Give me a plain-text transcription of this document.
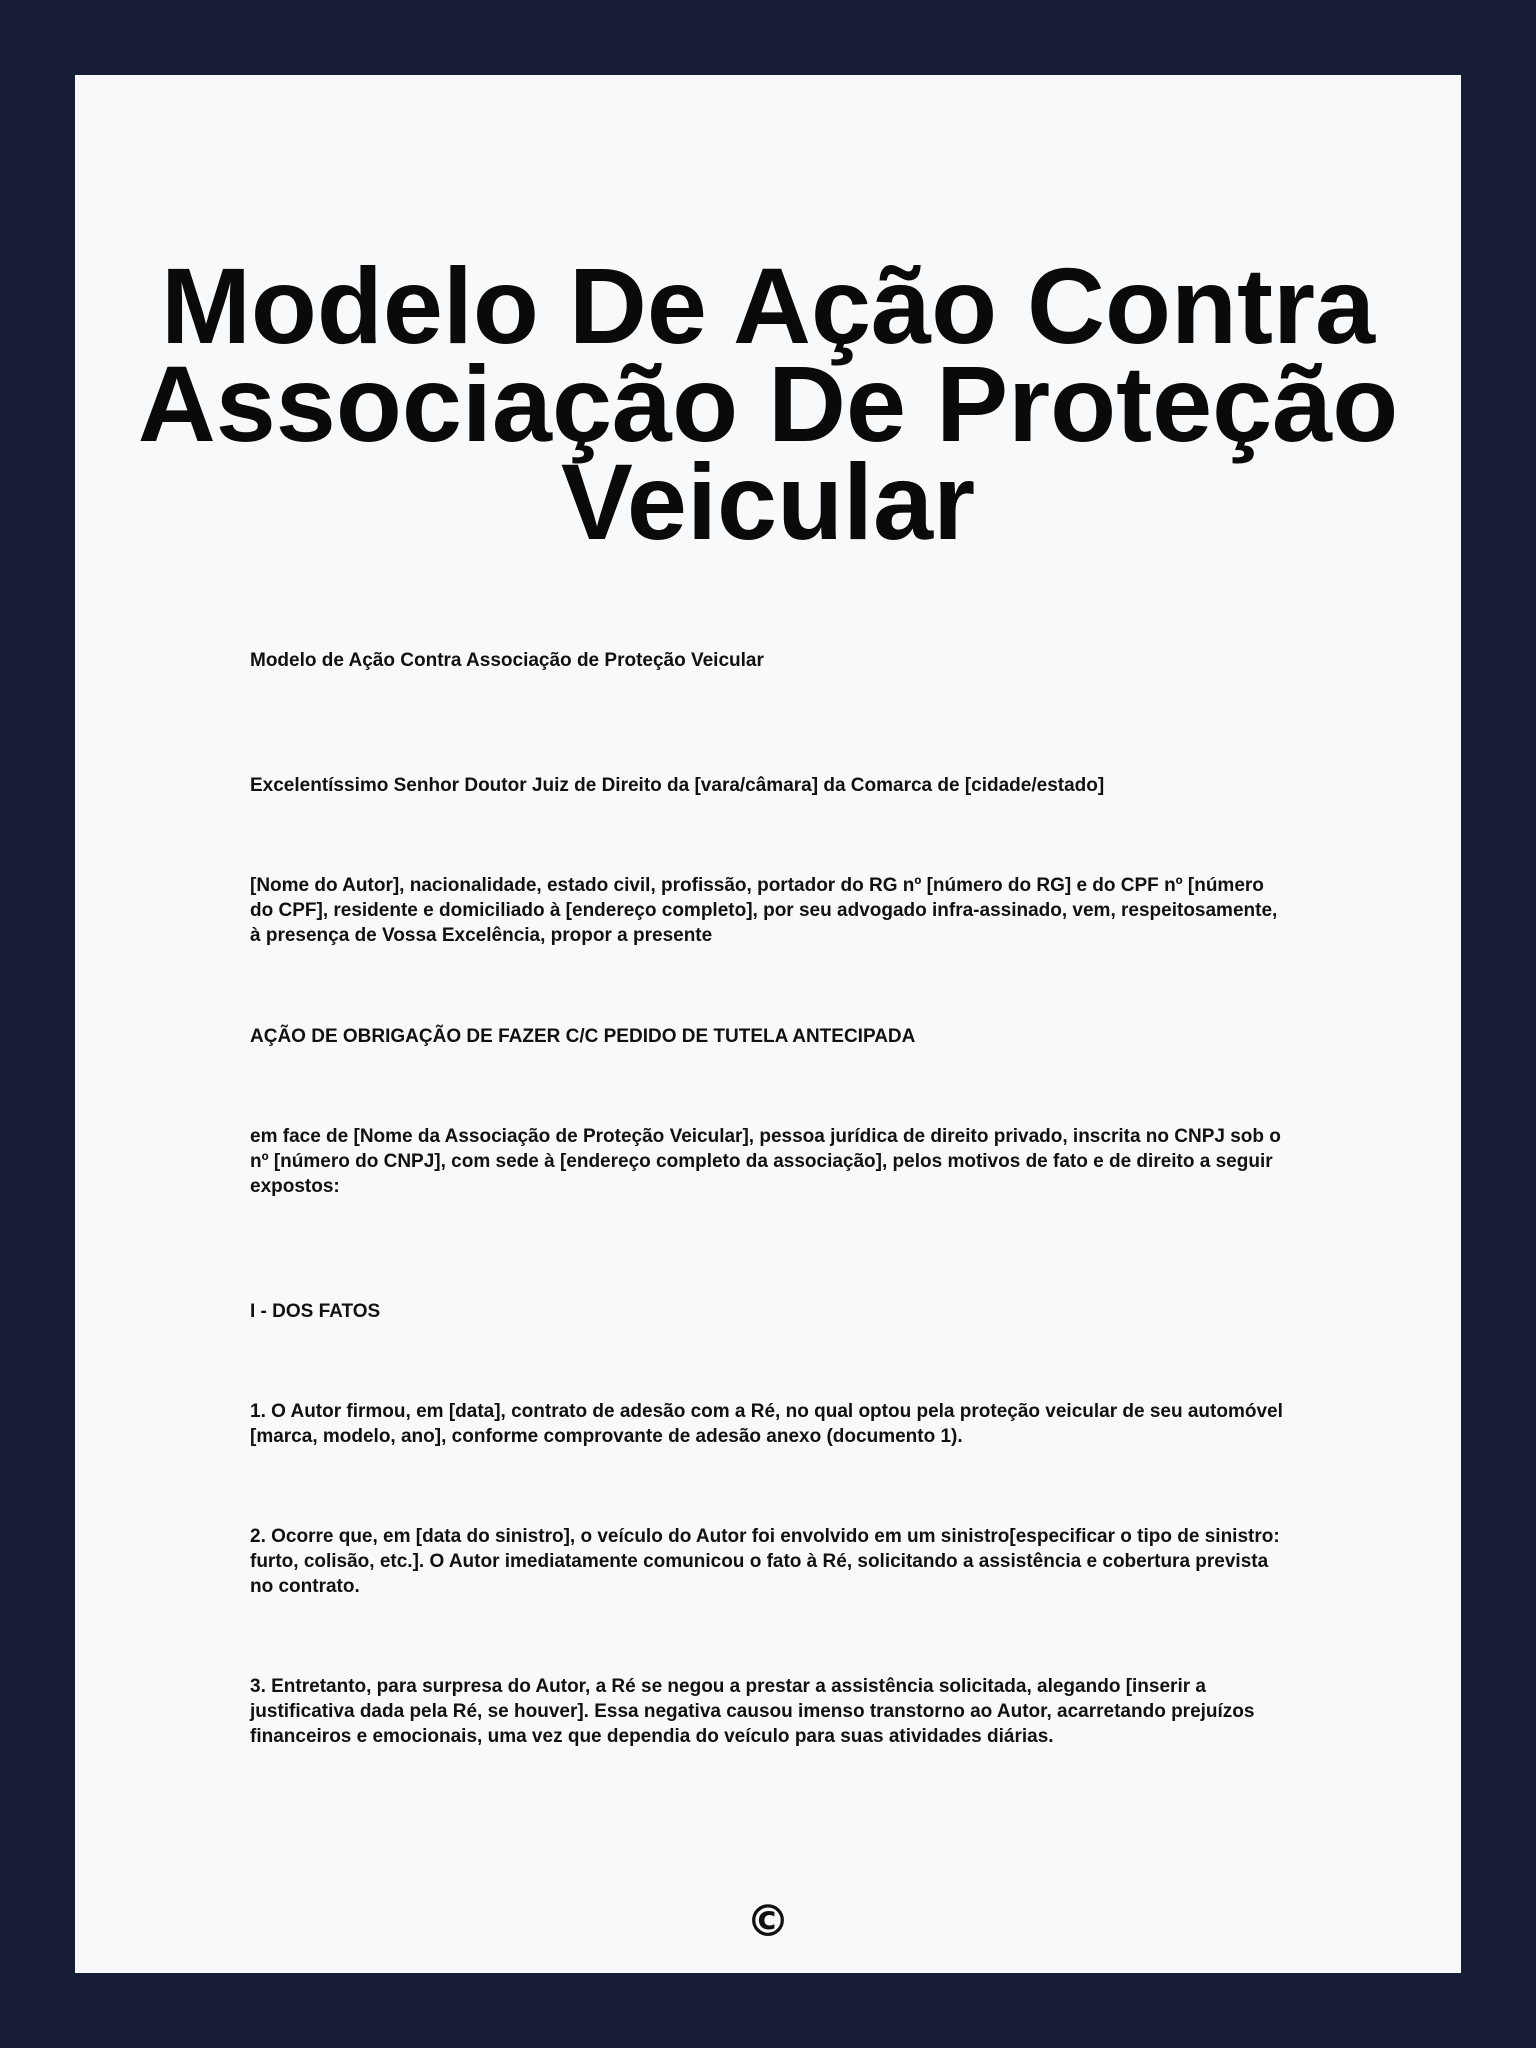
Modelo De Ação Contra Associação De Proteção Veicular

Modelo de Ação Contra Associação de Proteção Veicular

Excelentíssimo Senhor Doutor Juiz de Direito da [vara/câmara] da Comarca de [cidade/estado]

[Nome do Autor], nacionalidade, estado civil, profissão, portador do RG nº [número do RG] e do CPF nº [número do CPF], residente e domiciliado à [endereço completo], por seu advogado infra-assinado, vem, respeitosamente, à presença de Vossa Excelência, propor a presente

AÇÃO DE OBRIGAÇÃO DE FAZER C/C PEDIDO DE TUTELA ANTECIPADA

em face de [Nome da Associação de Proteção Veicular], pessoa jurídica de direito privado, inscrita no CNPJ sob o nº [número do CNPJ], com sede à [endereço completo da associação], pelos motivos de fato e de direito a seguir expostos:

I - DOS FATOS

1. O Autor firmou, em [data], contrato de adesão com a Ré, no qual optou pela proteção veicular de seu automóvel [marca, modelo, ano], conforme comprovante de adesão anexo (documento 1).

2. Ocorre que, em [data do sinistro], o veículo do Autor foi envolvido em um sinistro[especificar o tipo de sinistro: furto, colisão, etc.]. O Autor imediatamente comunicou o fato à Ré, solicitando a assistência e cobertura prevista no contrato.

3. Entretanto, para surpresa do Autor, a Ré se negou a prestar a assistência solicitada, alegando [inserir a justificativa dada pela Ré, se houver]. Essa negativa causou imenso transtorno ao Autor, acarretando prejuízos financeiros e emocionais, uma vez que dependia do veículo para suas atividades diárias.

©
